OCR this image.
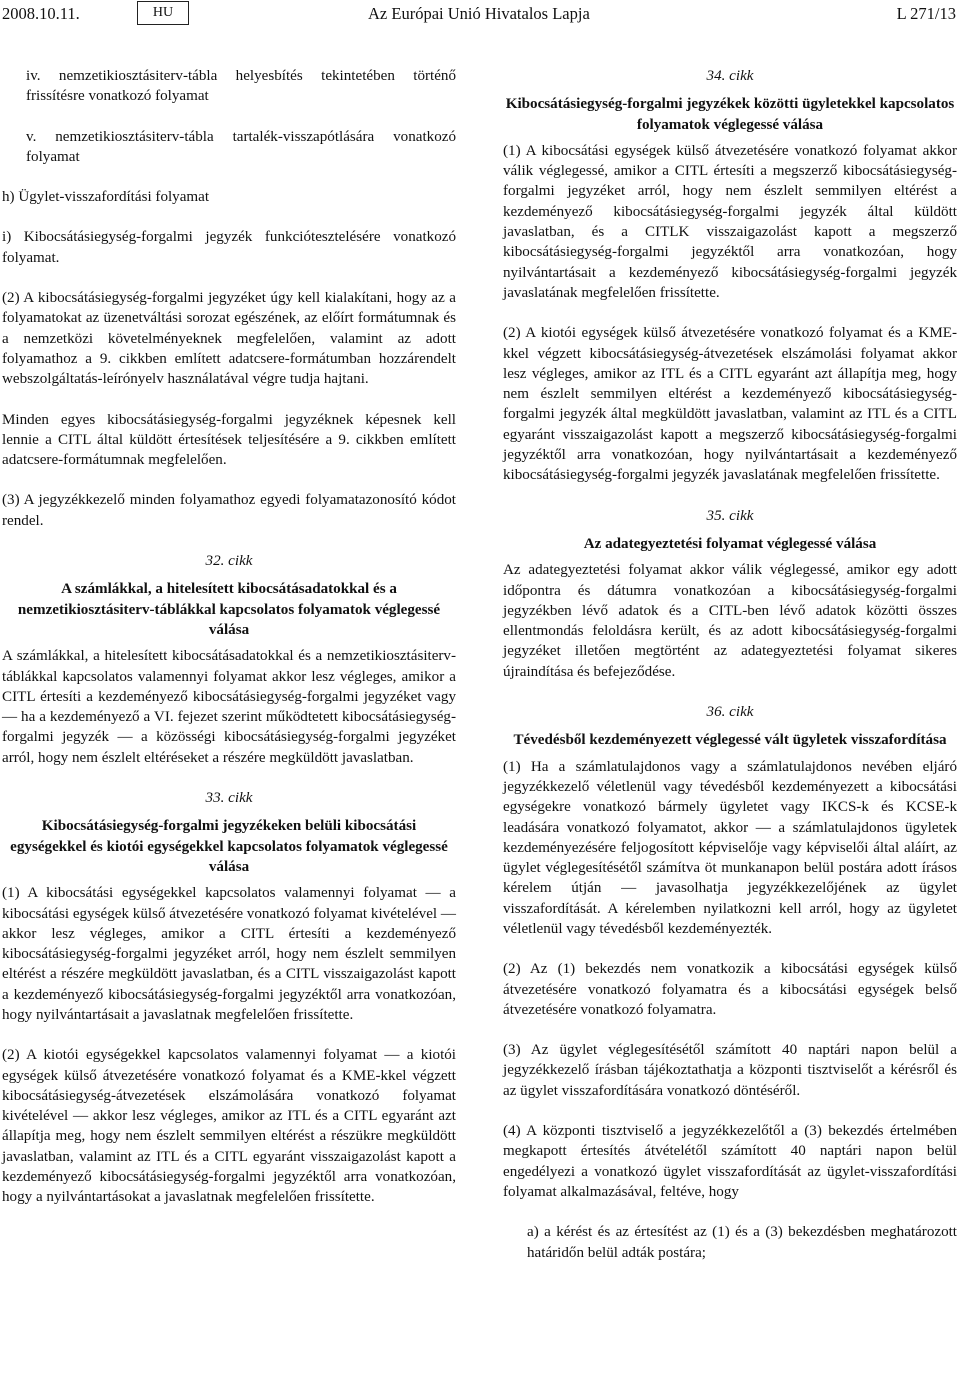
2008.10.11.	HU	Az Európai Unió Hivatalos Lapja	L 271/13

iv. nemzetikiosztásiterv-tábla helyesbítés tekintetében történő frissítésre vonatkozó folyamat

v. nemzetikiosztásiterv-tábla tartalék-visszapótlására vonatkozó folyamat

h) Ügylet-visszafordítási folyamat

i) Kibocsátásiegység-forgalmi jegyzék funkciótesztelésére vonatkozó folyamat.

(2) A kibocsátásiegység-forgalmi jegyzéket úgy kell kialakítani, hogy az a folyamatokat az üzenetváltási sorozat egészének, az előírt formátumnak és a nemzetközi követelményeknek megfelelően, valamint az adott folyamathoz a 9. cikkben említett adatcsere-formátumban hozzárendelt webszolgáltatás-leírónyelv használatával végre tudja hajtani.

Minden egyes kibocsátásiegység-forgalmi jegyzéknek képesnek kell lennie a CITL által küldött értesítések teljesítésére a 9. cikkben említett adatcsere-formátumnak megfelelően.

(3) A jegyzékkezelő minden folyamathoz egyedi folyamatazonosító kódot rendel.

32. cikk

A számlákkal, a hitelesített kibocsátásadatokkal és a nemzetikiosztásiterv-táblákkal kapcsolatos folyamatok véglegessé válása

A számlákkal, a hitelesített kibocsátásadatokkal és a nemzetikiosztásiterv-táblákkal kapcsolatos valamennyi folyamat akkor lesz végleges, amikor a CITL értesíti a kezdeményező kibocsátásiegység-forgalmi jegyzéket vagy — ha a kezdeményező a VI. fejezet szerint működtetett kibocsátásiegység-forgalmi jegyzék — a közösségi kibocsátásiegység-forgalmi jegyzéket arról, hogy nem észlelt eltéréseket a részére megküldött javaslatban.

33. cikk

Kibocsátásiegység-forgalmi jegyzékeken belüli kibocsátási egységekkel és kiotói egységekkel kapcsolatos folyamatok véglegessé válása

(1) A kibocsátási egységekkel kapcsolatos valamennyi folyamat — a kibocsátási egységek külső átvezetésére vonatkozó folyamat kivételével — akkor lesz végleges, amikor a CITL értesíti a kezdeményező kibocsátásiegység-forgalmi jegyzéket arról, hogy nem észlelt semmilyen eltérést a részére megküldött javaslatban, és a CITL visszaigazolást kapott a kezdeményező kibocsátásiegység-forgalmi jegyzéktől arra vonatkozóan, hogy nyilvántartásait a javaslatnak megfelelően frissítette.

(2) A kiotói egységekkel kapcsolatos valamennyi folyamat — a kiotói egységek külső átvezetésére vonatkozó folyamat és a KME-kkel végzett kibocsátásiegység-átvezetések elszámolására vonatkozó folyamat kivételével — akkor lesz végleges, amikor az ITL és a CITL egyaránt azt állapítja meg, hogy nem észlelt semmilyen eltérést a részükre megküldött javaslatban, valamint az ITL és a CITL egyaránt visszaigazolást kapott a kezdeményező kibocsátásiegység-forgalmi jegyzéktől arra vonatkozóan, hogy a nyilvántartásokat a javaslatnak megfelelően frissítette.

34. cikk

Kibocsátásiegység-forgalmi jegyzékek közötti ügyletekkel kapcsolatos folyamatok véglegessé válása

(1) A kibocsátási egységek külső átvezetésére vonatkozó folyamat akkor válik véglegessé, amikor a CITL értesíti a megszerző kibocsátásiegység-forgalmi jegyzéket arról, hogy nem észlelt semmilyen eltérést a kezdeményező kibocsátásiegység-forgalmi jegyzék által küldött javaslatban, és a CITLK visszaigazolást kapott a megszerző kibocsátásiegység-forgalmi jegyzéktől arra vonatkozóan, hogy nyilvántartásait a kezdeményező kibocsátásiegység-forgalmi jegyzék javaslatának megfelelően frissítette.

(2) A kiotói egységek külső átvezetésére vonatkozó folyamat és a KME-kkel végzett kibocsátásiegység-átvezetések elszámolási folyamat akkor lesz végleges, amikor az ITL és a CITL egyaránt azt állapítja meg, hogy nem észlelt semmilyen eltérést a kezdeményező kibocsátásiegység-forgalmi jegyzék által megküldött javaslatban, valamint az ITL és a CITL egyaránt visszaigazolást kapott a megszerző kibocsátásiegység-forgalmi jegyzéktől arra vonatkozóan, hogy nyilvántartásait a kezdeményező kibocsátásiegység-forgalmi jegyzék javaslatának megfelelően frissítette.

35. cikk

Az adategyeztetési folyamat véglegessé válása

Az adategyeztetési folyamat akkor válik véglegessé, amikor egy adott időpontra és dátumra vonatkozóan a kibocsátásiegység-forgalmi jegyzékben lévő adatok és a CITL-ben lévő adatok közötti összes ellentmondás feloldásra került, és az adott kibocsátásiegység-forgalmi jegyzéket illetően megtörtént az adategyeztetési folyamat sikeres újraindítása és befejeződése.

36. cikk

Tévedésből kezdeményezett véglegessé vált ügyletek visszafordítása

(1) Ha a számlatulajdonos vagy a számlatulajdonos nevében eljáró jegyzékkezelő véletlenül vagy tévedésből kezdeményezett a kibocsátási egységekre vonatkozó bármely ügyletet vagy IKCS-k és KCSE-k leadására vonatkozó folyamatot, akkor — a számlatulajdonos ügyletek kezdeményezésére feljogosított képviselője vagy képviselői által aláírt, az ügylet véglegesítésétől számítva öt munkanapon belül postára adott írásos kérelem útján — javasolhatja jegyzékkezelőjének az ügylet visszafordítását. A kérelemben nyilatkozni kell arról, hogy az ügyletet véletlenül vagy tévedésből kezdeményezték.

(2) Az (1) bekezdés nem vonatkozik a kibocsátási egységek külső átvezetésére vonatkozó folyamatra és a kibocsátási egységek belső átvezetésére vonatkozó folyamatra.

(3) Az ügylet véglegesítésétől számított 40 naptári napon belül a jegyzékkezelő írásban tájékoztathatja a központi tisztviselőt a kérésről és az ügylet visszafordítására vonatkozó döntéséről.

(4) A központi tisztviselő a jegyzékkezelőtől a (3) bekezdés értelmében megkapott értesítés átvételétől számított 40 naptári napon belül engedélyezi a vonatkozó ügylet visszafordítását az ügylet-visszafordítási folyamat alkalmazásával, feltéve, hogy

a) a kérést és az értesítést az (1) és a (3) bekezdésben meghatározott határidőn belül adták postára;
